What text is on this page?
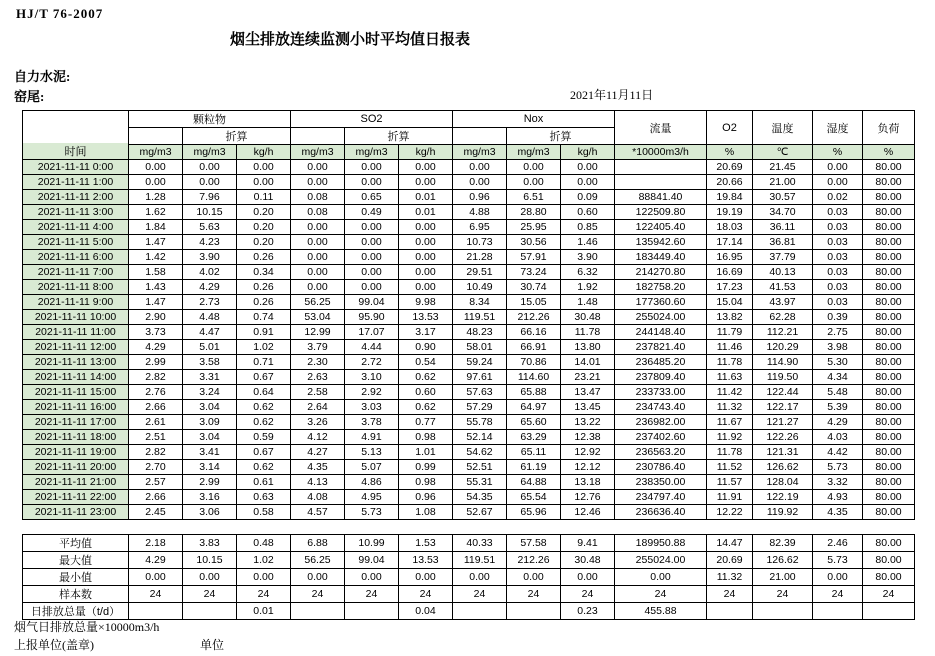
HJ/T 76-2007
烟尘排放连续监测小时平均值日报表
自力水泥:
窑尾:	2021年11月11日
时间	颗粒物			SO2			Nox			流量	O2	温度	湿度	负荷
		折算			折算			折算						
	mg/m3	mg/m3	kg/h	mg/m3	mg/m3	kg/h	mg/m3	mg/m3	kg/h	*10000m3/h	%	℃	%	%
2021-11-11 0:00	0.00	0.00	0.00	0.00	0.00	0.00	0.00	0.00	0.00		20.69	21.45	0.00	80.00
2021-11-11 1:00	0.00	0.00	0.00	0.00	0.00	0.00	0.00	0.00	0.00		20.66	21.00	0.00	80.00
2021-11-11 2:00	1.28	7.96	0.11	0.08	0.65	0.01	0.96	6.51	0.09	88841.40	19.84	30.57	0.02	80.00
2021-11-11 3:00	1.62	10.15	0.20	0.08	0.49	0.01	4.88	28.80	0.60	122509.80	19.19	34.70	0.03	80.00
2021-11-11 4:00	1.84	5.63	0.20	0.00	0.00	0.00	6.95	25.95	0.85	122405.40	18.03	36.11	0.03	80.00
2021-11-11 5:00	1.47	4.23	0.20	0.00	0.00	0.00	10.73	30.56	1.46	135942.60	17.14	36.81	0.03	80.00
2021-11-11 6:00	1.42	3.90	0.26	0.00	0.00	0.00	21.28	57.91	3.90	183449.40	16.95	37.79	0.03	80.00
2021-11-11 7:00	1.58	4.02	0.34	0.00	0.00	0.00	29.51	73.24	6.32	214270.80	16.69	40.13	0.03	80.00
2021-11-11 8:00	1.43	4.29	0.26	0.00	0.00	0.00	10.49	30.74	1.92	182758.20	17.23	41.53	0.03	80.00
2021-11-11 9:00	1.47	2.73	0.26	56.25	99.04	9.98	8.34	15.05	1.48	177360.60	15.04	43.97	0.03	80.00
2021-11-11 10:00	2.90	4.48	0.74	53.04	95.90	13.53	119.51	212.26	30.48	255024.00	13.82	62.28	0.39	80.00
2021-11-11 11:00	3.73	4.47	0.91	12.99	17.07	3.17	48.23	66.16	11.78	244148.40	11.79	112.21	2.75	80.00
2021-11-11 12:00	4.29	5.01	1.02	3.79	4.44	0.90	58.01	66.91	13.80	237821.40	11.46	120.29	3.98	80.00
2021-11-11 13:00	2.99	3.58	0.71	2.30	2.72	0.54	59.24	70.86	14.01	236485.20	11.78	114.90	5.30	80.00
2021-11-11 14:00	2.82	3.31	0.67	2.63	3.10	0.62	97.61	114.60	23.21	237809.40	11.63	119.50	4.34	80.00
2021-11-11 15:00	2.76	3.24	0.64	2.58	2.92	0.60	57.63	65.88	13.47	233733.00	11.42	122.44	5.48	80.00
2021-11-11 16:00	2.66	3.04	0.62	2.64	3.03	0.62	57.29	64.97	13.45	234743.40	11.32	122.17	5.39	80.00
2021-11-11 17:00	2.61	3.09	0.62	3.26	3.78	0.77	55.78	65.60	13.22	236982.00	11.67	121.27	4.29	80.00
2021-11-11 18:00	2.51	3.04	0.59	4.12	4.91	0.98	52.14	63.29	12.38	237402.60	11.92	122.26	4.03	80.00
2021-11-11 19:00	2.82	3.41	0.67	4.27	5.13	1.01	54.62	65.11	12.92	236563.20	11.78	121.31	4.42	80.00
2021-11-11 20:00	2.70	3.14	0.62	4.35	5.07	0.99	52.51	61.19	12.12	230786.40	11.52	126.62	5.73	80.00
2021-11-11 21:00	2.57	2.99	0.61	4.13	4.86	0.98	55.31	64.88	13.18	238350.00	11.57	128.04	3.32	80.00
2021-11-11 22:00	2.66	3.16	0.63	4.08	4.95	0.96	54.35	65.54	12.76	234797.40	11.91	122.19	4.93	80.00
2021-11-11 23:00	2.45	3.06	0.58	4.57	5.73	1.08	52.67	65.96	12.46	236636.40	12.22	119.92	4.35	80.00

平均值	2.18	3.83	0.48	6.88	10.99	1.53	40.33	57.58	9.41	189950.88	14.47	82.39	2.46	80.00
最大值	4.29	10.15	1.02	56.25	99.04	13.53	119.51	212.26	30.48	255024.00	20.69	126.62	5.73	80.00
最小值	0.00	0.00	0.00	0.00	0.00	0.00	0.00	0.00	0.00	0.00	11.32	21.00	0.00	80.00
样本数	24	24	24	24	24	24	24	24	24	24	24	24	24	24
日排放总量（t/d）			0.01			0.04			0.23	455.88				
烟气日排放总量×10000m3/h
上报单位(盖章)	单位
